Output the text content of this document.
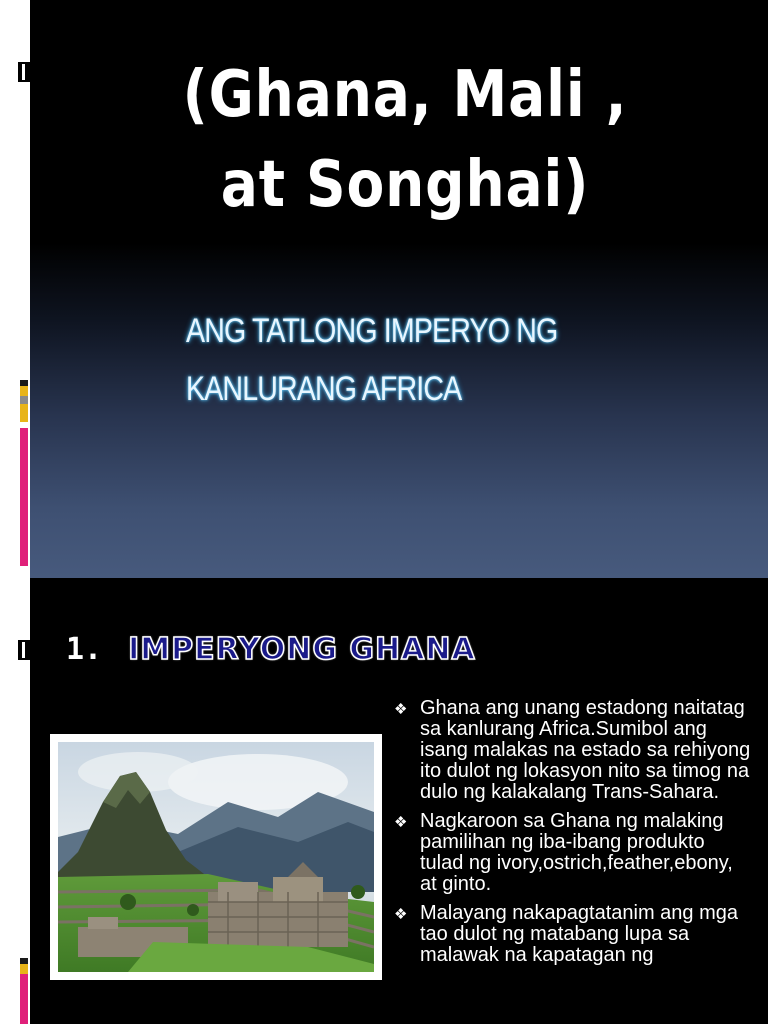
(Ghana, Mali , at Songhai)
ANG TATLONG IMPERYO NG
KANLURANG AFRICA
1. IMPERYONG GHANA
❖ Ghana ang unang estadong naitatag sa kanlurang Africa.Sumibol ang isang malakas na estado sa rehiyong ito dulot ng lokasyon nito sa timog na dulo ng kalakalang Trans-Sahara.
❖ Nagkaroon sa Ghana ng malaking pamilihan ng iba-ibang produkto tulad ng ivory,ostrich,feather,ebony, at ginto.
❖ Malayang nakapagtatanim ang mga tao dulot ng matabang lupa sa malawak na kapatagan ng
